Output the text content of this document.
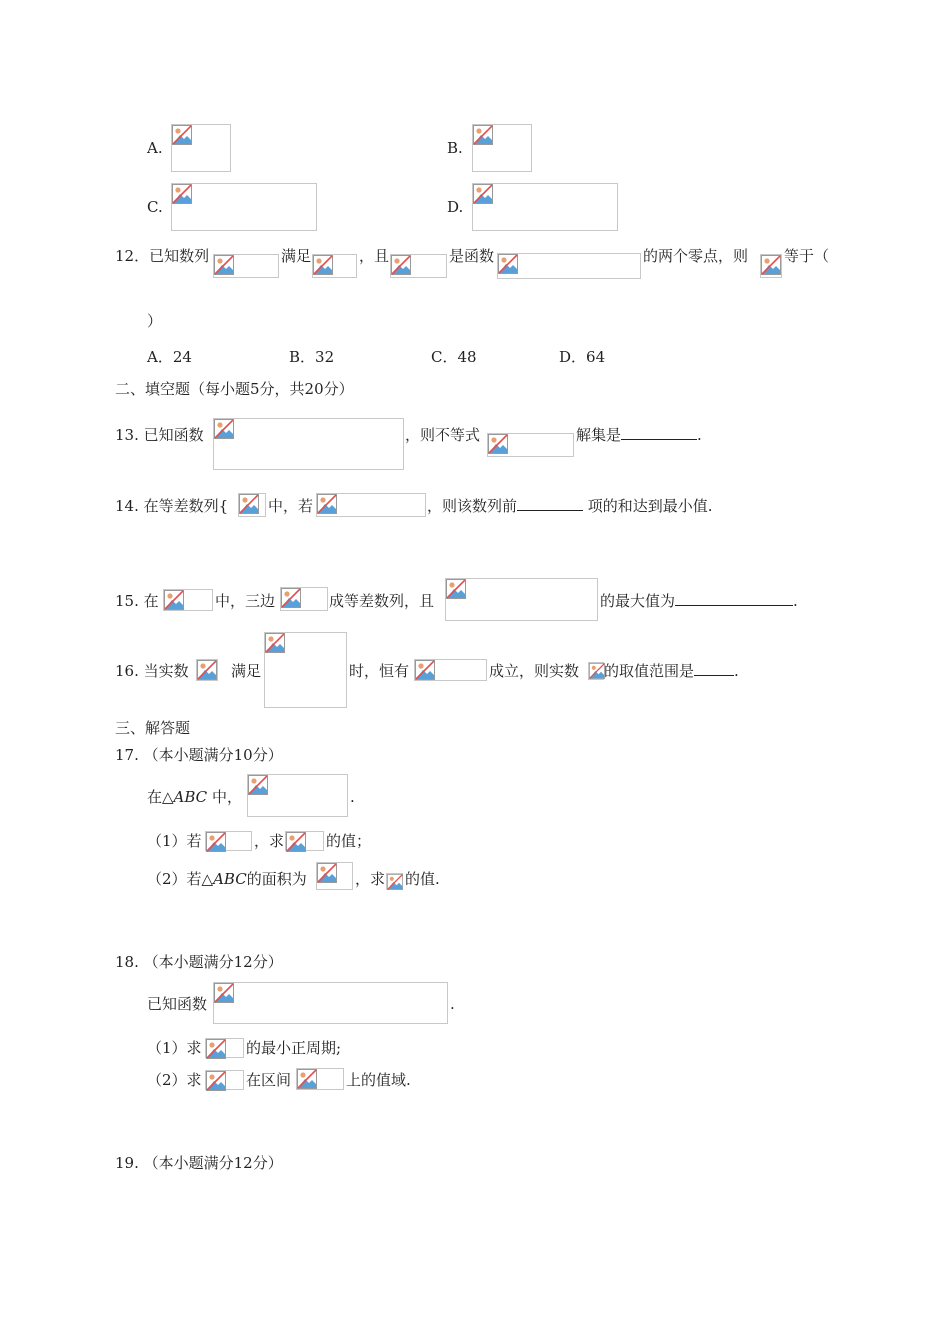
A.	B.
C.	D.
12．已知数列	满足	，且	是函数	的两个零点，则 等于（
）
A．24	B．32	C．48	D．64
二、填空题（每小题5分，共20分）
13. 已知函数	，则不等式	解集是	.
14. 在等差数列{	中，若	，则该数列前	项的和达到最小值.
15. 在	中，三边	成等差数列，且	的最大值为	.
16. 当实数	满足	时，恒有	成立，则实数 的取值范围是	.
三、解答题
17. （本小题满分10分）
在△ABC 中，	.
（1）若	，求	的值；
（2）若△ABC的面积为	，求 的值.
18. （本小题满分12分）
已知函数	.
（1）求	的最小正周期;
（2）求	在区间	上的值域.
19. （本小题满分12分）
